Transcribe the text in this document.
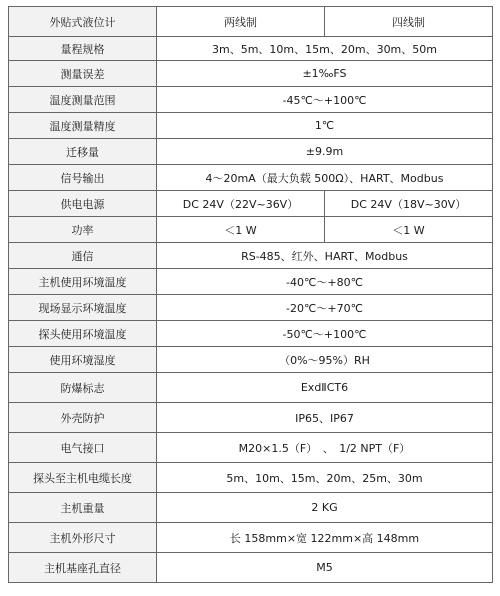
外贴式液位计	两线制	四线制
量程规格	3m、5m、10m、15m、20m、30m、50m	
测量误差	±1‰FS	
温度测量范围	-45℃～+100℃	
温度测量精度	1℃	
迁移量	±9.9m	
信号输出	4～20mA（最大负载 500Ω）、HART、Modbus	
供电电源	DC 24V（22V~36V）	DC 24V（18V~30V）
功率	＜1 W	＜1 W
通信	RS-485、红外、HART、Modbus	
主机使用环境温度	-40℃～+80℃	
现场显示环境温度	-20℃～+70℃	
探头使用环境温度	-50℃～+100℃	
使用环境湿度	（0%～95%）RH	
防爆标志	ExdⅡCT6	
外壳防护	IP65、IP67	
电气接口	M20×1.5（F）　、　1/2 NPT（F）	
探头至主机电缆长度	5m、10m、15m、20m、25m、30m	
主机重量	2 KG	
主机外形尺寸	长 158mm×宽 122mm×高 148mm	
主机基座孔直径	M5	
